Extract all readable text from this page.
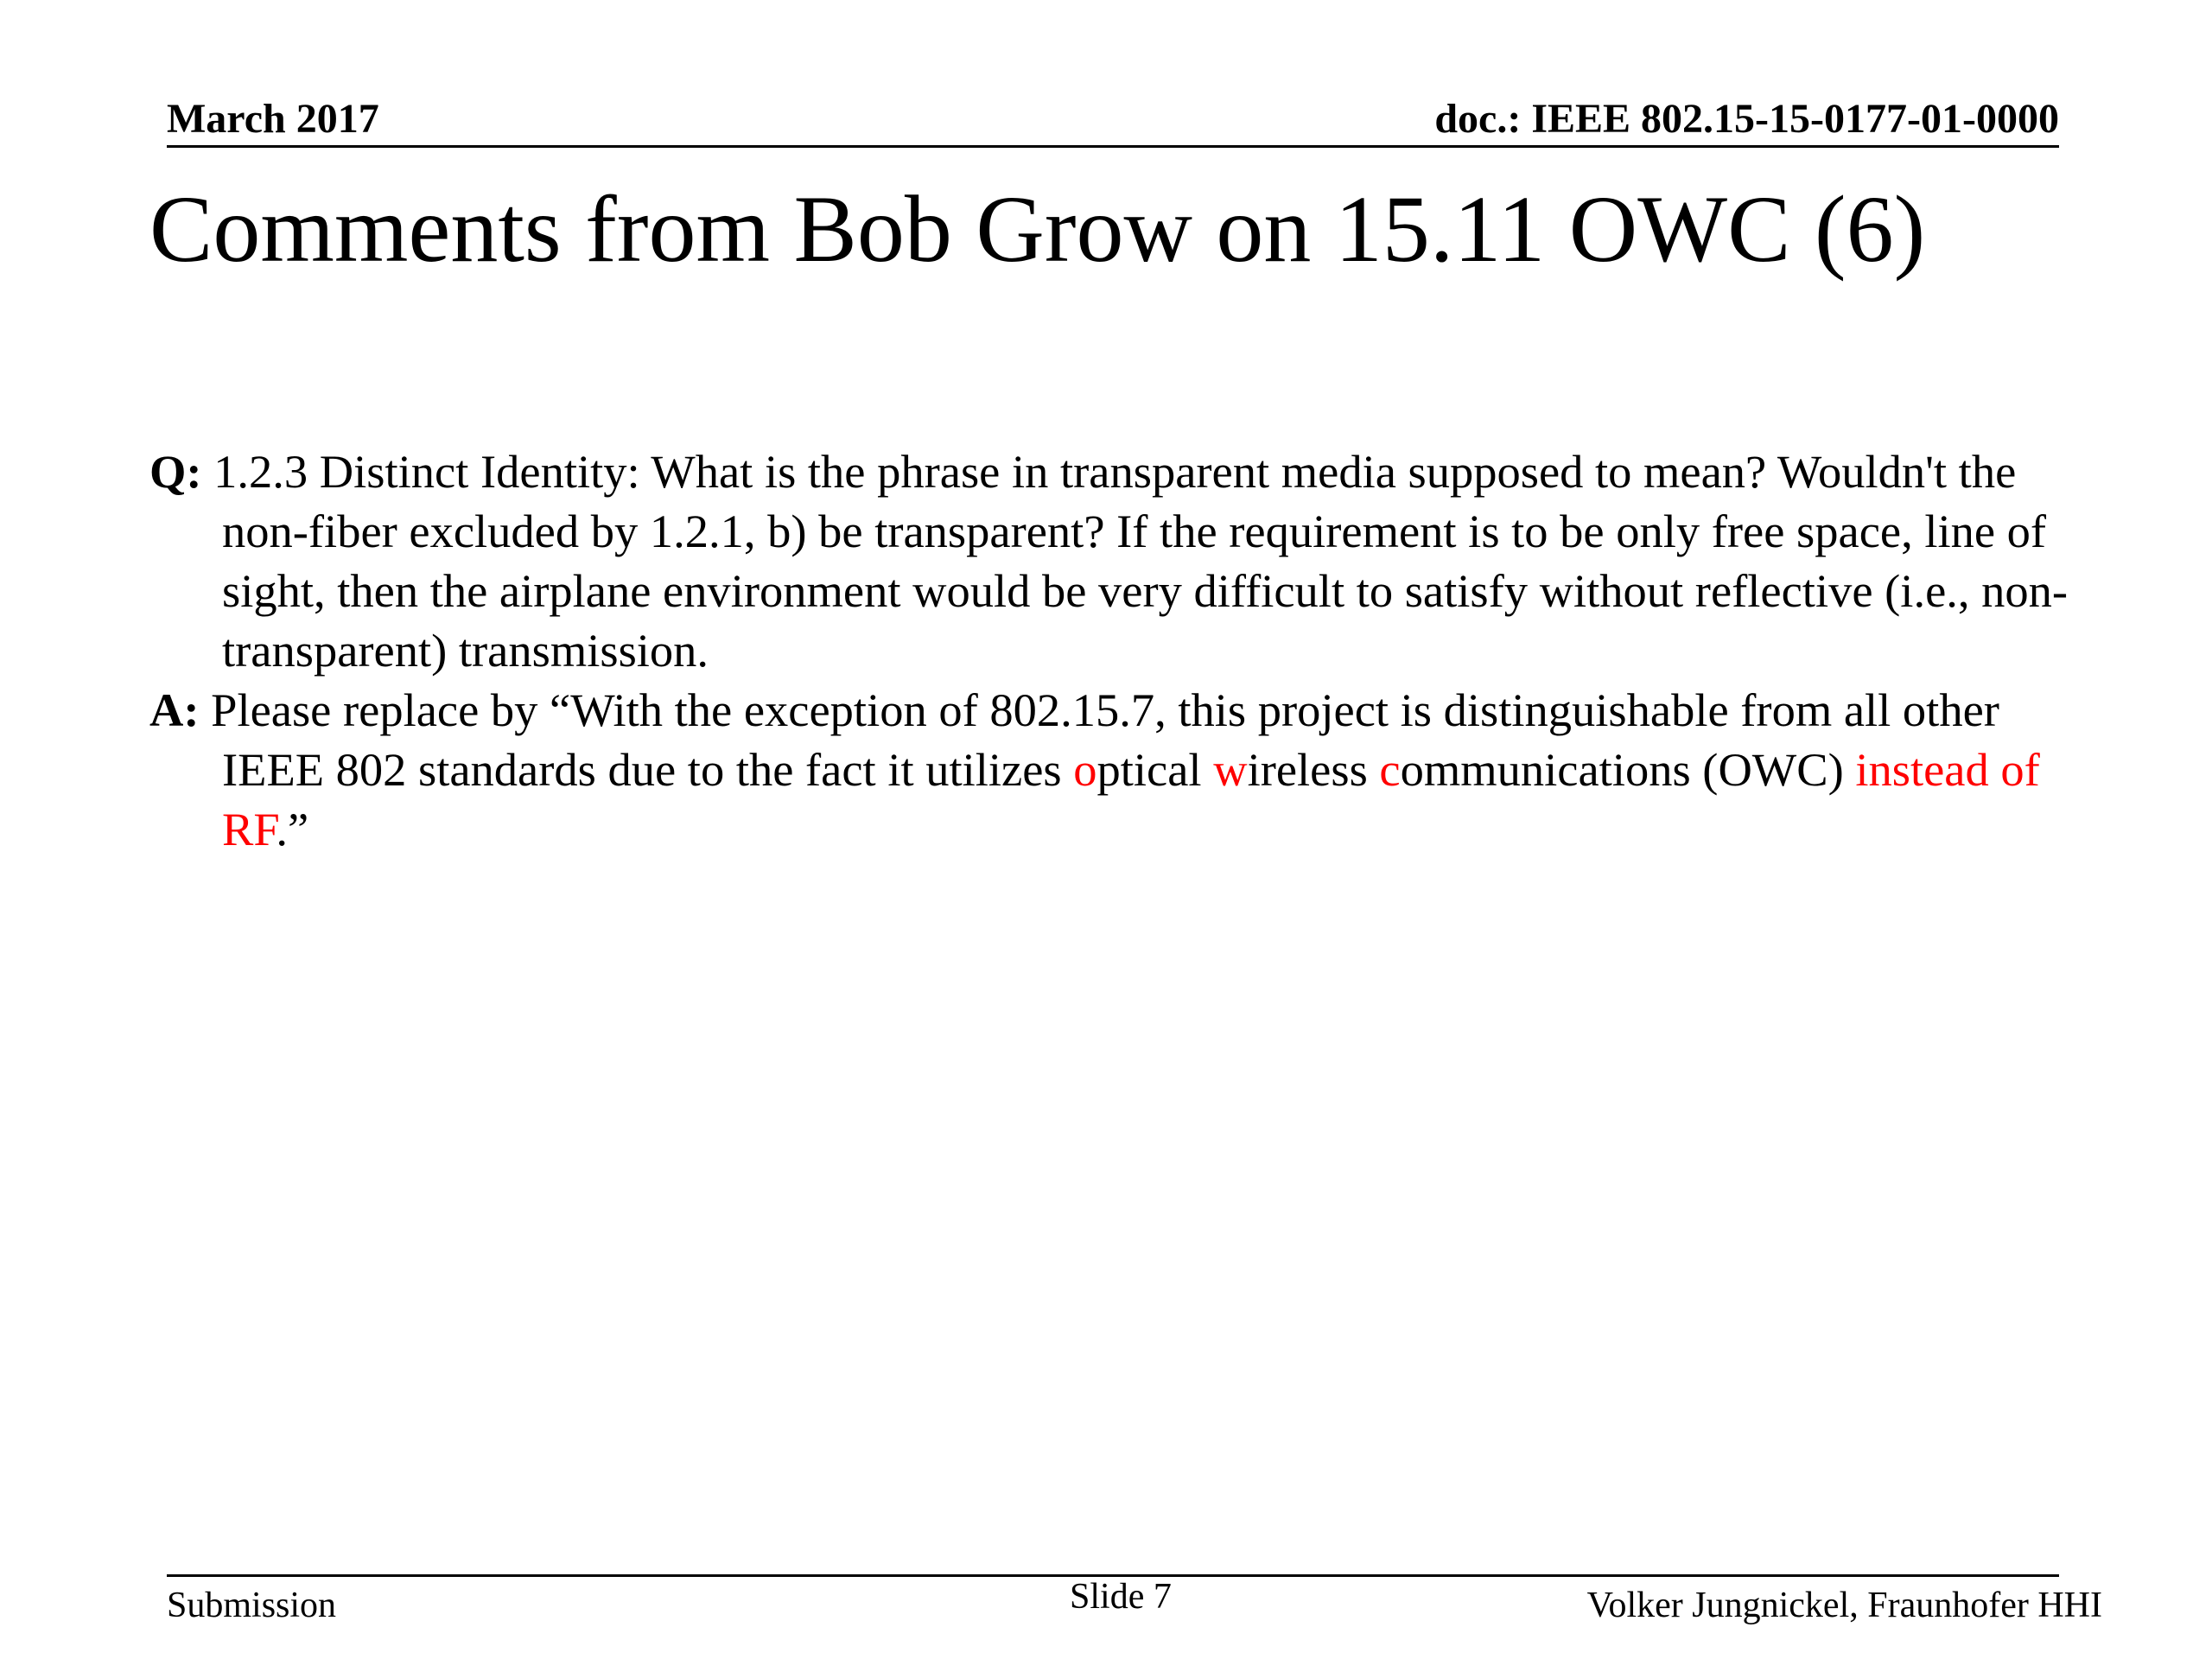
March 2017	doc.: IEEE 802.15-15-0177-01-0000
Comments from Bob Grow on 15.11 OWC (6)

Q: 1.2.3 Distinct Identity: What is the phrase in transparent media supposed to mean? Wouldn't the non-fiber excluded by 1.2.1, b) be transparent? If the requirement is to be only free space, line of sight, then the airplane environment would be very difficult to satisfy without reflective (i.e., non-transparent) transmission.

A: Please replace by “With the exception of 802.15.7, this project is distinguishable from all other IEEE 802 standards due to the fact it utilizes optical wireless communications (OWC) instead of RF.”

Submission	Slide 7	Volker Jungnickel, Fraunhofer HHI
